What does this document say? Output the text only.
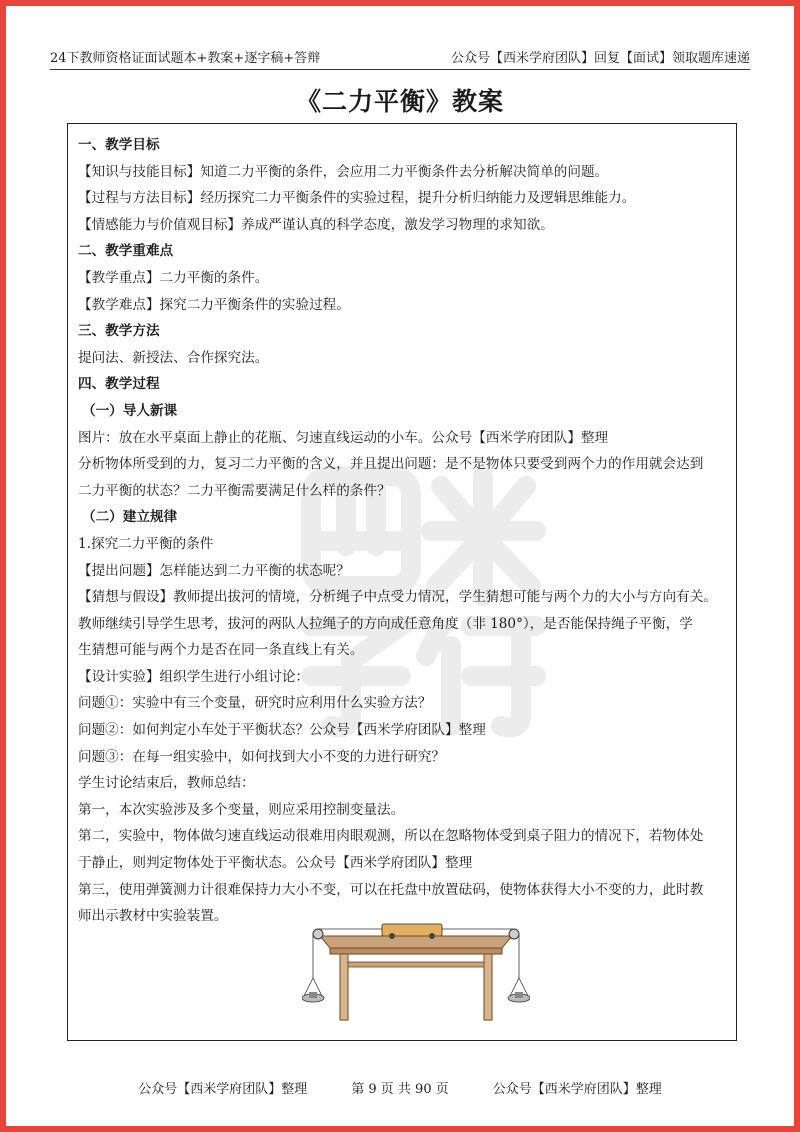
24下教师资格证面试题本+教案+逐字稿+答辩	公众号【西米学府团队】回复【面试】领取题库速递
《二力平衡》教案

一、教学目标

【知识与技能目标】知道二力平衡的条件，会应用二力平衡条件去分析解决简单的问题。

【过程与方法目标】经历探究二力平衡条件的实验过程，提升分析归纳能力及逻辑思维能力。

【情感能力与价值观目标】养成严谨认真的科学态度，激发学习物理的求知欲。

二、教学重难点

【教学重点】二力平衡的条件。

【教学难点】探究二力平衡条件的实验过程。

三、教学方法

提问法、新授法、合作探究法。

四、教学过程

（一）导人新课

图片：放在水平桌面上静止的花瓶、匀速直线运动的小车。公众号【西米学府团队】整理

分析物体所受到的力，复习二力平衡的含义，并且提出问题：是不是物体只要受到两个力的作用就会达到

二力平衡的状态？二力平衡需要满足什么样的条件？

（二）建立规律

1.探究二力平衡的条件

【提出问题】怎样能达到二力平衡的状态呢？

【猜想与假设】教师提出拔河的情境，分析绳子中点受力情况，学生猜想可能与两个力的大小与方向有关。

教师继续引导学生思考，拔河的两队人拉绳子的方向成任意角度（非 180°），是否能保持绳子平衡，学

生猜想可能与两个力是否在同一条直线上有关。

【设计实验】组织学生进行小组讨论：

问题①：实验中有三个变量，研究时应利用什么实验方法？

问题②：如何判定小车处于平衡状态？公众号【西米学府团队】整理

问题③：在每一组实验中，如何找到大小不变的力进行研究？

学生讨论结束后，教师总结：

第一，本次实验涉及多个变量，则应采用控制变量法。

第二，实验中，物体做匀速直线运动很难用肉眼观测，所以在忽略物体受到桌子阻力的情况下，若物体处

于静止，则判定物体处于平衡状态。公众号【西米学府团队】整理

第三，使用弹簧测力计很难保持力大小不变，可以在托盘中放置砝码，使物体获得大小不变的力，此时教

师出示教材中实验装置。

公众号【西米学府团队】整理	第 9 页 共 90 页	公众号【西米学府团队】整理
